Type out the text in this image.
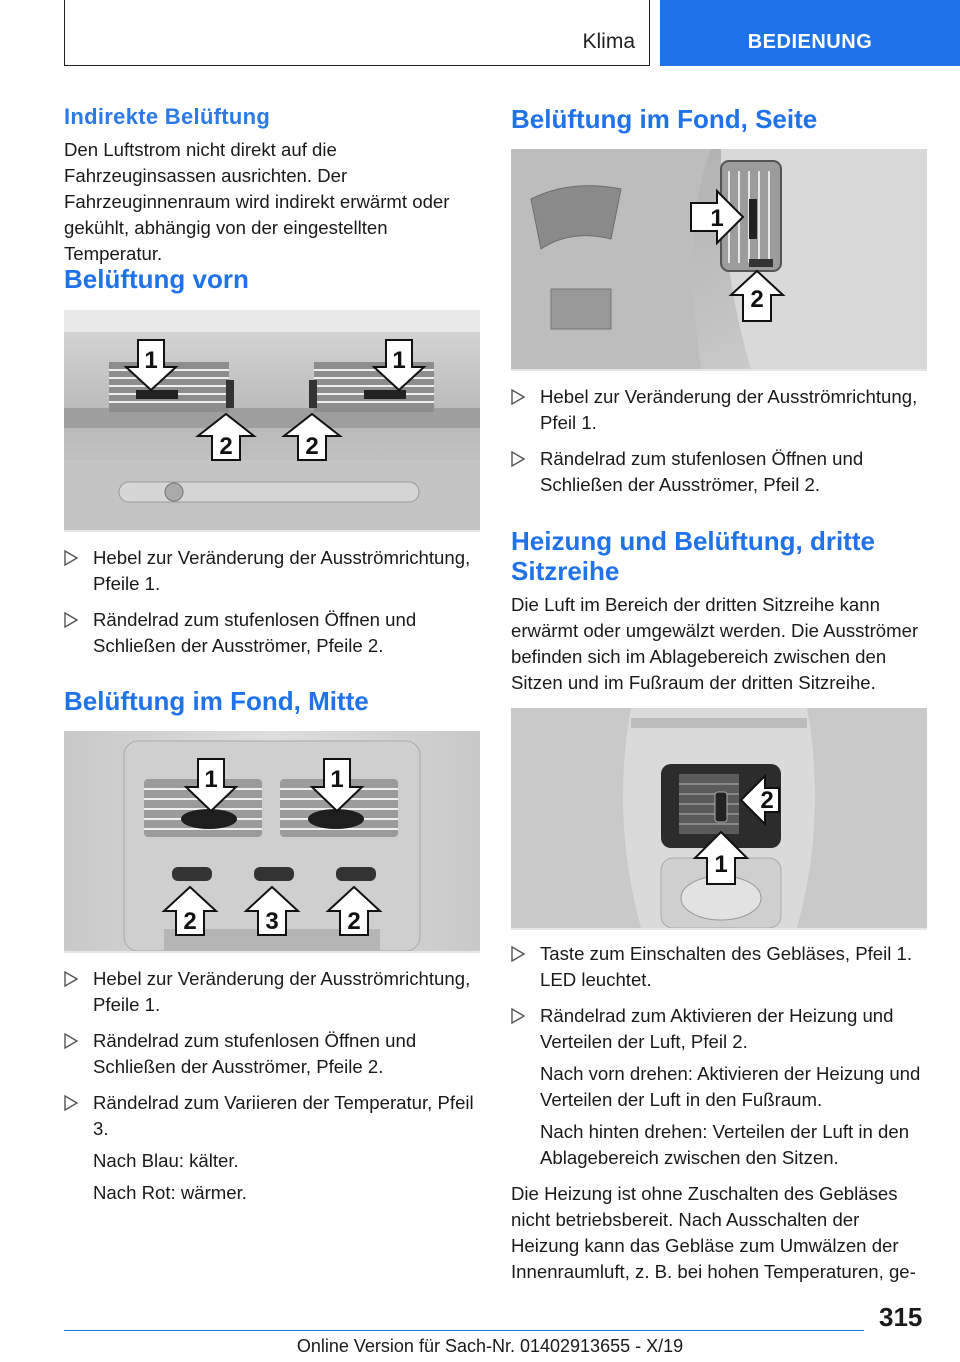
Klima	BEDIENUNG
Indirekte Belüftung

Den Luftstrom nicht direkt auf die Fahrzeuginsassen ausrichten. Der Fahrzeuginnenraum wird indirekt erwärmt oder gekühlt, abhängig von der eingestellten Temperatur.

Belüftung vorn
1	1
2	2
Hebel zur Veränderung der Ausströmrichtung, Pfeile 1.
Rändelrad zum stufenlosen Öffnen und Schließen der Ausströmer, Pfeile 2.
Belüftung im Fond, Mitte
1	1
2	3	2
Hebel zur Veränderung der Ausströmrichtung, Pfeile 1.
Rändelrad zum stufenlosen Öffnen und Schließen der Ausströmer, Pfeile 2.
Rändelrad zum Variieren der Temperatur, Pfeil 3.
Nach Blau: kälter.
Nach Rot: wärmer.
Belüftung im Fond, Seite
1
2
Hebel zur Veränderung der Ausströmrichtung, Pfeil 1.
Rändelrad zum stufenlosen Öffnen und Schließen der Ausströmer, Pfeil 2.
Heizung und Belüftung, dritte Sitzreihe

Die Luft im Bereich der dritten Sitzreihe kann erwärmt oder umgewälzt werden. Die Ausströmer befinden sich im Ablagebereich zwischen den Sitzen und im Fußraum der dritten Sitzreihe.

2
1
Taste zum Einschalten des Gebläses, Pfeil 1. LED leuchtet.
Rändelrad zum Aktivieren der Heizung und Verteilen der Luft, Pfeil 2.
Nach vorn drehen: Aktivieren der Heizung und Verteilen der Luft in den Fußraum.
Nach hinten drehen: Verteilen der Luft in den Ablagebereich zwischen den Sitzen.

Die Heizung ist ohne Zuschalten des Gebläses nicht betriebsbereit. Nach Ausschalten der Heizung kann das Gebläse zum Umwälzen der Innenraumluft, z. B. bei hohen Temperaturen, ge-

315
Online Version für Sach-Nr. 01402913655 - X/19
